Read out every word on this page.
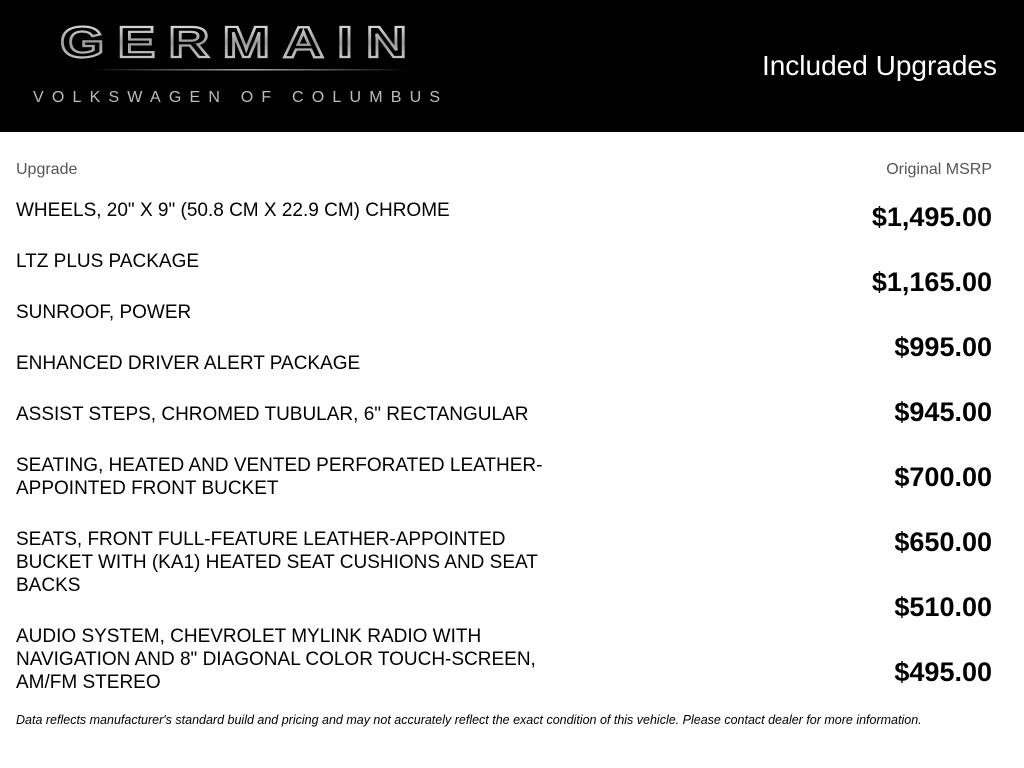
GERMAIN
VOLKSWAGEN OF COLUMBUS
Included Upgrades
Upgrade	Original MSRP
WHEELS, 20" X 9" (50.8 CM X 22.9 CM) CHROME
LTZ PLUS PACKAGE
SUNROOF, POWER
ENHANCED DRIVER ALERT PACKAGE
ASSIST STEPS, CHROMED TUBULAR, 6" RECTANGULAR
SEATING, HEATED AND VENTED PERFORATED LEATHER-APPOINTED FRONT BUCKET
SEATS, FRONT FULL-FEATURE LEATHER-APPOINTED BUCKET WITH (KA1) HEATED SEAT CUSHIONS AND SEAT BACKS
AUDIO SYSTEM, CHEVROLET MYLINK RADIO WITH NAVIGATION AND 8" DIAGONAL COLOR TOUCH-SCREEN, AM/FM STEREO
$1,495.00
$1,165.00
$995.00
$945.00
$700.00
$650.00
$510.00
$495.00
Data reflects manufacturer's standard build and pricing and may not accurately reflect the exact condition of this vehicle. Please contact dealer for more information.
